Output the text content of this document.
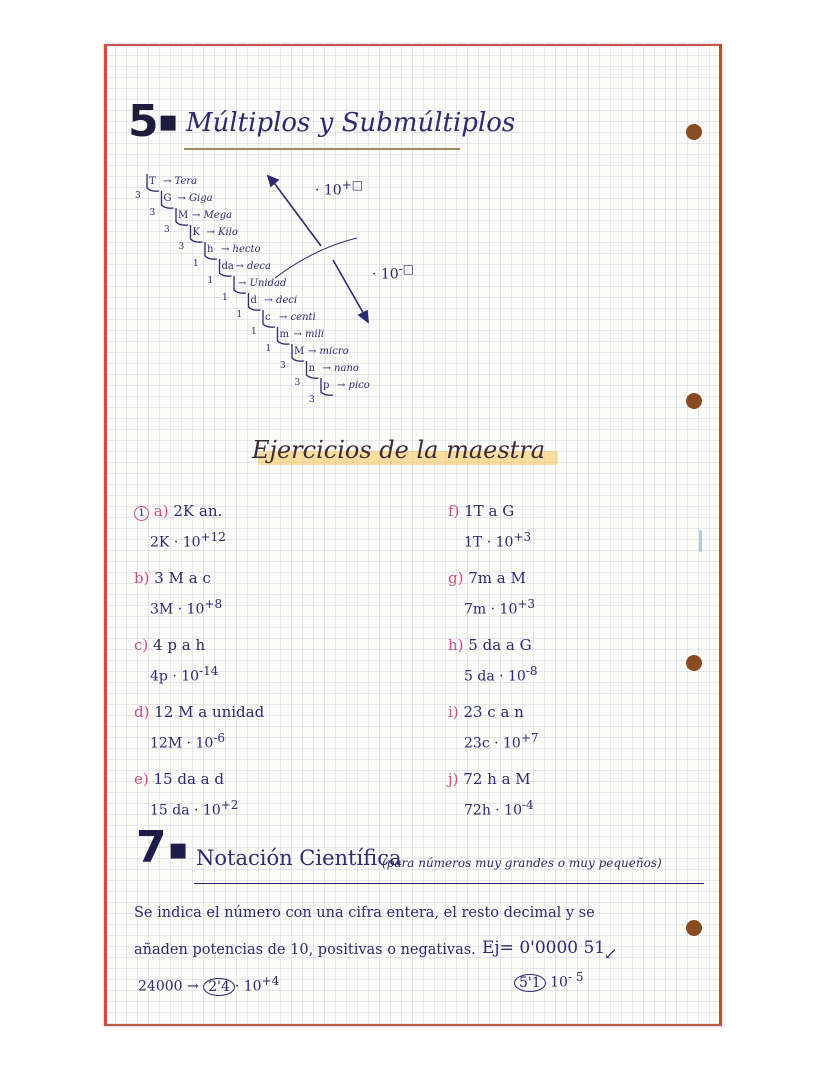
5 ▪ Múltiplos y Submúltiplos
T → Tera
3 G → Giga
3 M → Mega
3 K → Kilo
3 h → hecto
1 da → deca
1 → Unidad
1 d → deci
1 c → centi
1 m → mili
1 M → micro
3 n → nano
3 p → pico
3
· 10+□
· 10-□
Ejercicios de la maestra
1 a) 2K an.
$2K \cdot 10^{+12}$
b) 3 M a c
$3M \cdot 10^{+8}$
c) 4 p a h
$4p \cdot 10^{-14}$
d) 12 M a unidad
$12M \cdot 10^{-6}$
e) 15 da a d
15 da · $10^{+2}$
f) 1T a G
$1T \cdot 10^{+3}$
g) 7m a M
$7m \cdot 10^{+3}$
h) 5 da a G
5 da · $10^{-8}$
i) 23 c a n
$23c \cdot 10^{+7}$
j) 72 h a M
$72h \cdot 10^{-4}$
7 ▪ Notación Científica
(para números muy grandes o muy pequeños)
Se indica el número con una cifra entera, el resto decimal y se
añaden potencias de 10, positivas o negativas. Ej= 0'0000 51
↙
$24000 \to 2'4 \cdot 10^{+4}$	5'1 $10^{- 5}$
